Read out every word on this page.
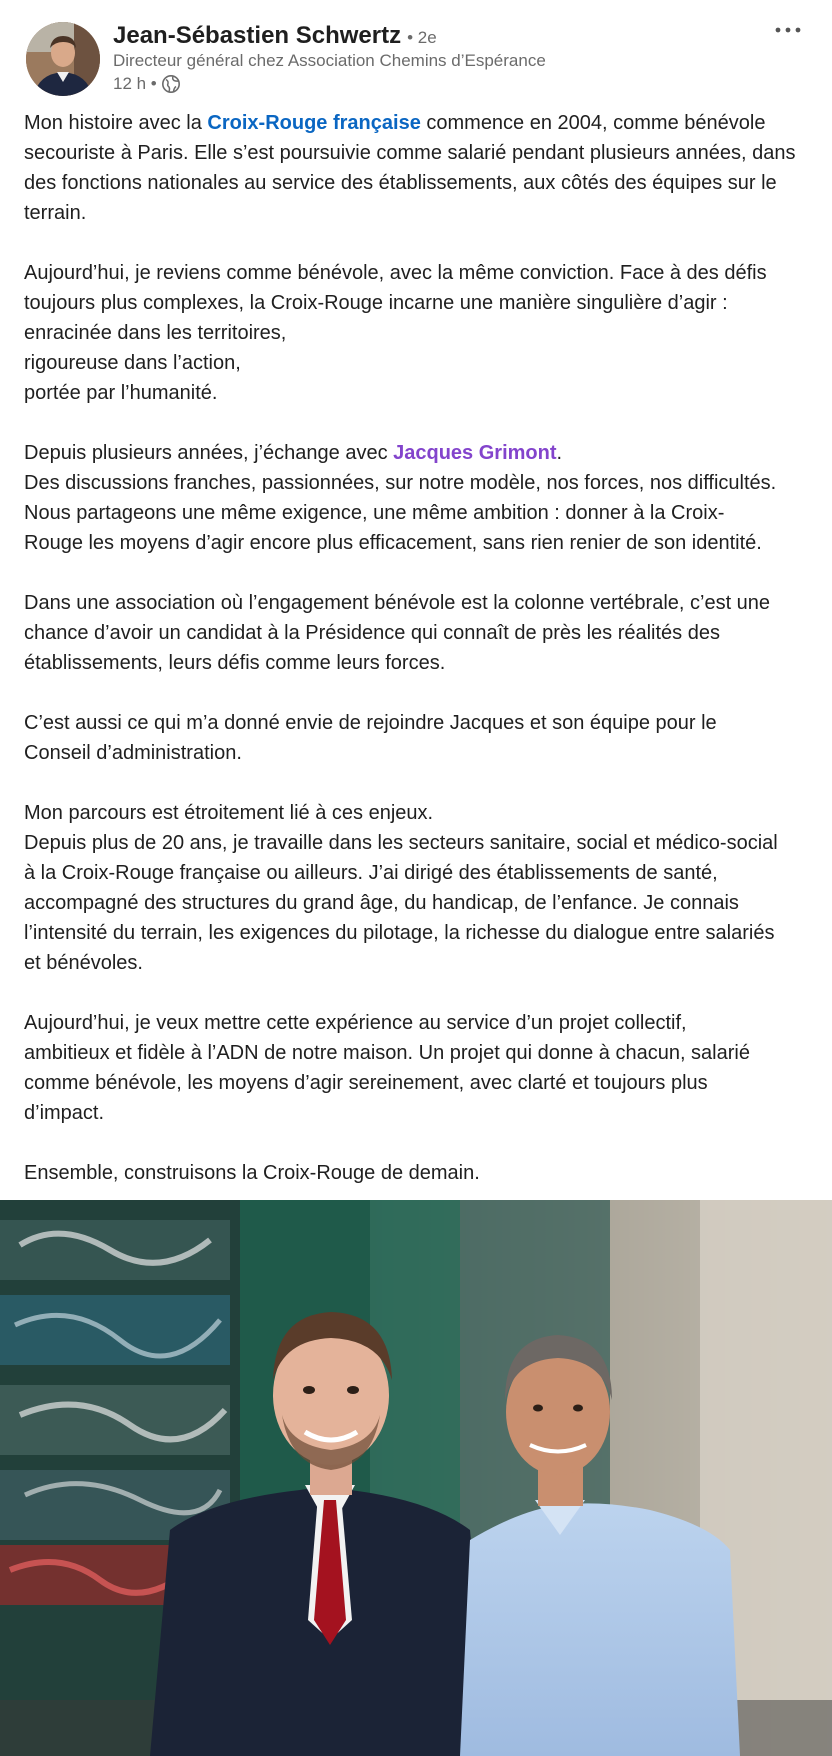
Jean-Sébastien Schwertz • 2e
Directeur général chez Association Chemins d’Espérance
12 h •
Mon histoire avec la Croix-Rouge française commence en 2004, comme bénévole
secouriste à Paris. Elle s’est poursuivie comme salarié pendant plusieurs années, dans
des fonctions nationales au service des établissements, aux côtés des équipes sur le
terrain.
Aujourd’hui, je reviens comme bénévole, avec la même conviction. Face à des défis
toujours plus complexes, la Croix-Rouge incarne une manière singulière d’agir :
enracinée dans les territoires,
rigoureuse dans l’action,
portée par l’humanité.
Depuis plusieurs années, j’échange avec Jacques Grimont.
Des discussions franches, passionnées, sur notre modèle, nos forces, nos difficultés.
Nous partageons une même exigence, une même ambition : donner à la Croix-
Rouge les moyens d’agir encore plus efficacement, sans rien renier de son identité.
Dans une association où l’engagement bénévole est la colonne vertébrale, c’est une
chance d’avoir un candidat à la Présidence qui connaît de près les réalités des
établissements, leurs défis comme leurs forces.
C’est aussi ce qui m’a donné envie de rejoindre Jacques et son équipe pour le
Conseil d’administration.
Mon parcours est étroitement lié à ces enjeux.
Depuis plus de 20 ans, je travaille dans les secteurs sanitaire, social et médico-social
à la Croix-Rouge française ou ailleurs. J’ai dirigé des établissements de santé,
accompagné des structures du grand âge, du handicap, de l’enfance. Je connais
l’intensité du terrain, les exigences du pilotage, la richesse du dialogue entre salariés
et bénévoles.
Aujourd’hui, je veux mettre cette expérience au service d’un projet collectif,
ambitieux et fidèle à l’ADN de notre maison. Un projet qui donne à chacun, salarié
comme bénévole, les moyens d’agir sereinement, avec clarté et toujours plus
d’impact.
Ensemble, construisons la Croix-Rouge de demain.
